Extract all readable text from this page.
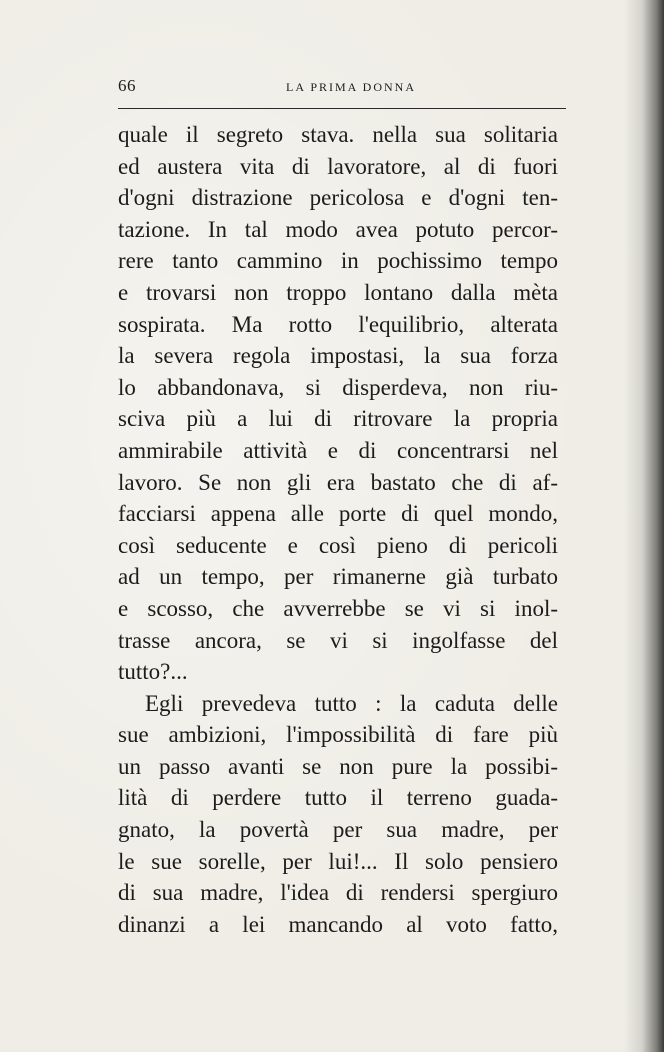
66	LA PRIMA DONNA
quale il segreto stava. nella sua solitaria
ed austera vita di lavoratore, al di fuori
d'ogni distrazione pericolosa e d'ogni ten-
tazione. In tal modo avea potuto percor-
rere tanto cammino in pochissimo tempo
e trovarsi non troppo lontano dalla mèta
sospirata. Ma rotto l'equilibrio, alterata
la severa regola impostasi, la sua forza
lo abbandonava, si disperdeva, non riu-
sciva più a lui di ritrovare la propria
ammirabile attività e di concentrarsi nel
lavoro. Se non gli era bastato che di af-
facciarsi appena alle porte di quel mondo,
così seducente e così pieno di pericoli
ad un tempo, per rimanerne già turbato
e scosso, che avverrebbe se vi si inol-
trasse ancora, se vi si ingolfasse del
tutto?...
Egli prevedeva tutto : la caduta delle
sue ambizioni, l'impossibilità di fare più
un passo avanti se non pure la possibi-
lità di perdere tutto il terreno guada-
gnato, la povertà per sua madre, per
le sue sorelle, per lui!... Il solo pensiero
di sua madre, l'idea di rendersi spergiuro
dinanzi a lei mancando al voto fatto,
